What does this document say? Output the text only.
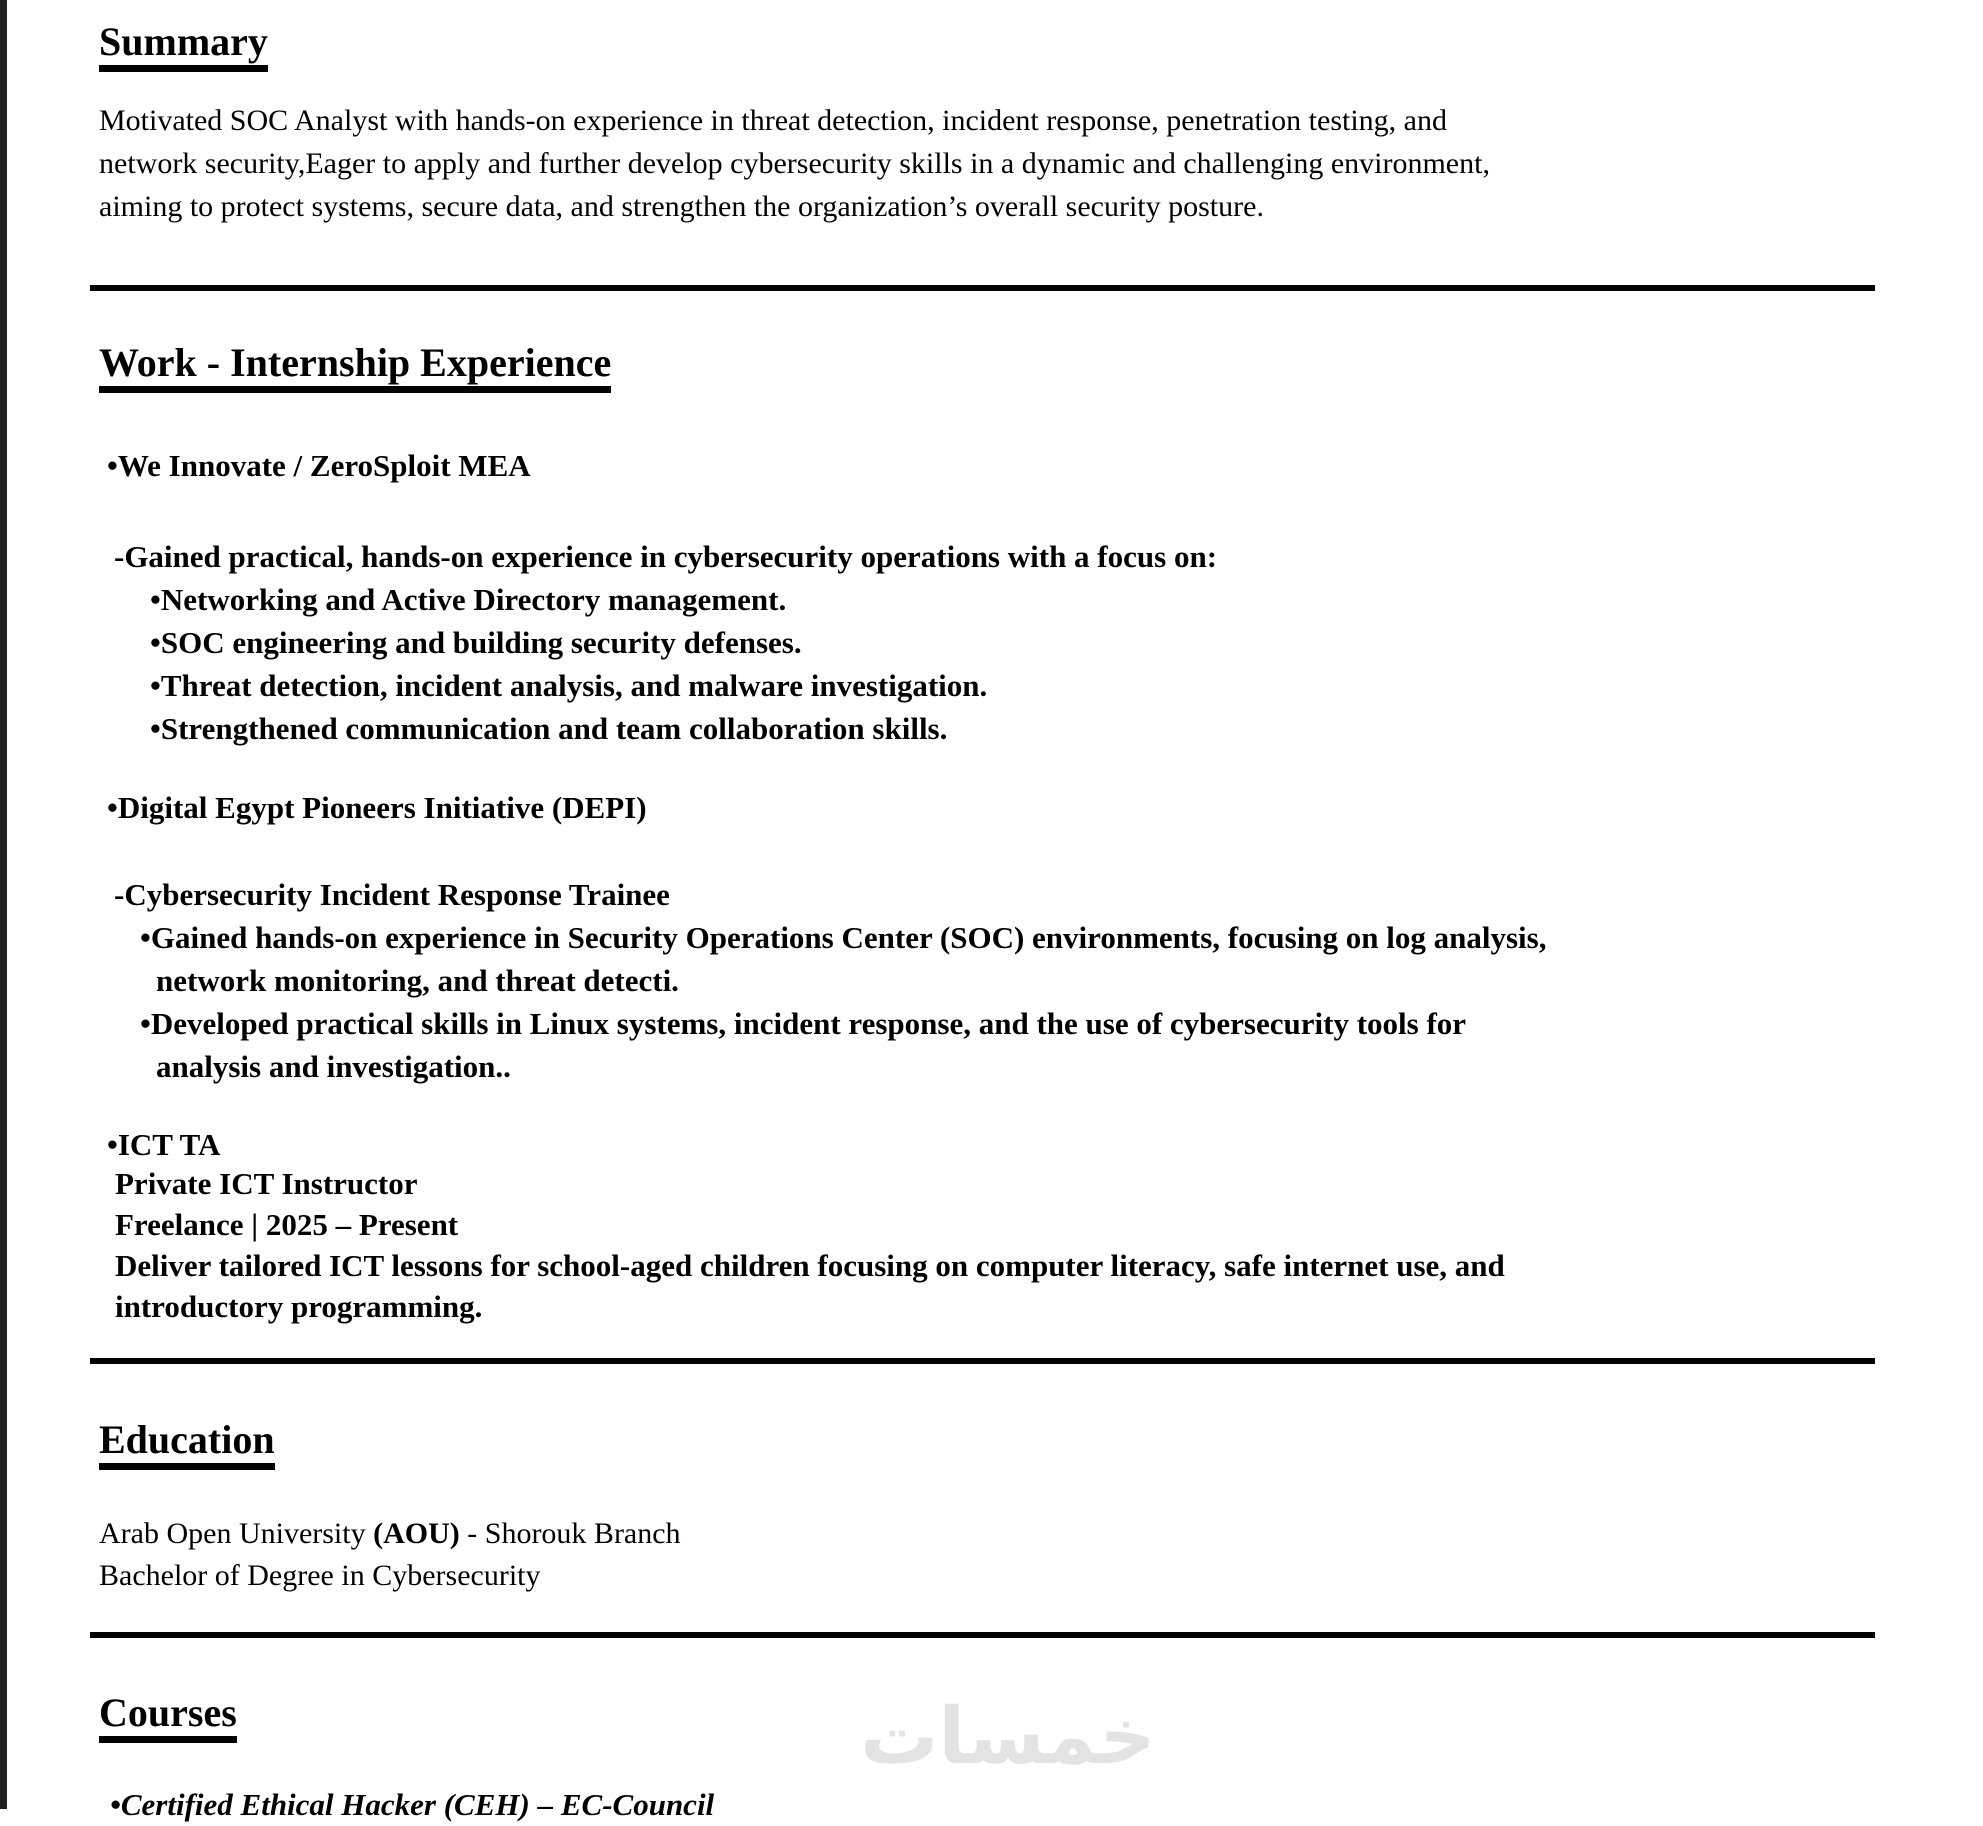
Summary

Motivated SOC Analyst with hands-on experience in threat detection, incident response, penetration testing, and

network security,Eager to apply and further develop cybersecurity skills in a dynamic and challenging environment,

aiming to protect systems, secure data, and strengthen the organization’s overall security posture.

Work - Internship Experience

•We Innovate / ZeroSploit MEA

-Gained practical, hands-on experience in cybersecurity operations with a focus on:

•Networking and Active Directory management.

•SOC engineering and building security defenses.

•Threat detection, incident analysis, and malware investigation.

•Strengthened communication and team collaboration skills.

•Digital Egypt Pioneers Initiative (DEPI)

-Cybersecurity Incident Response Trainee

•Gained hands-on experience in Security Operations Center (SOC) environments, focusing on log analysis,

network monitoring, and threat detecti.

•Developed practical skills in Linux systems, incident response, and the use of cybersecurity tools for

analysis and investigation..

•ICT TA

Private ICT Instructor

Freelance | 2025 – Present

Deliver tailored ICT lessons for school-aged children focusing on computer literacy, safe internet use, and

introductory programming.

Education

Arab Open University (AOU) - Shorouk Branch

Bachelor of Degree in Cybersecurity

Courses

•Certified Ethical Hacker (CEH) – EC-Council

خمسات
